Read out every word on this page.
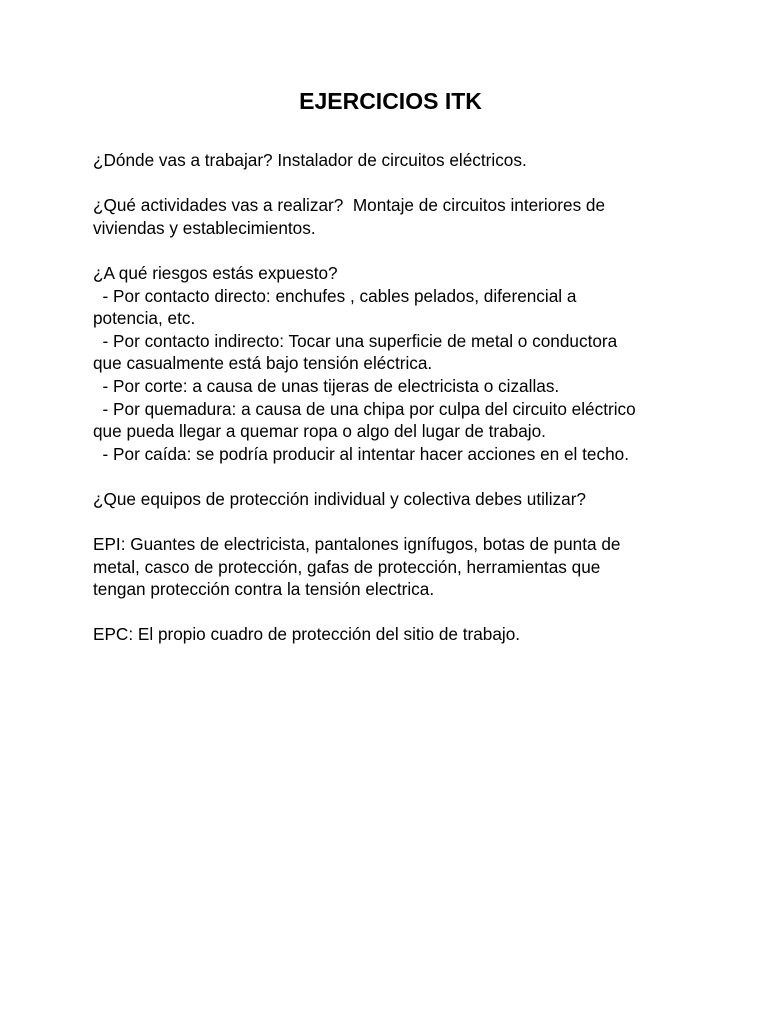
EJERCICIOS ITK

¿Dónde vas a trabajar? Instalador de circuitos eléctricos.

¿Qué actividades vas a realizar?  Montaje de circuitos interiores de

viviendas y establecimientos.

¿A qué riesgos estás expuesto?

- Por contacto directo: enchufes , cables pelados, diferencial a

potencia, etc.

- Por contacto indirecto: Tocar una superficie de metal o conductora

que casualmente está bajo tensión eléctrica.

- Por corte: a causa de unas tijeras de electricista o cizallas.

- Por quemadura: a causa de una chipa por culpa del circuito eléctrico

que pueda llegar a quemar ropa o algo del lugar de trabajo.

- Por caída: se podría producir al intentar hacer acciones en el techo.

¿Que equipos de protección individual y colectiva debes utilizar?

EPI: Guantes de electricista, pantalones ignífugos, botas de punta de

metal, casco de protección, gafas de protección, herramientas que

tengan protección contra la tensión electrica.

EPC: El propio cuadro de protección del sitio de trabajo.
